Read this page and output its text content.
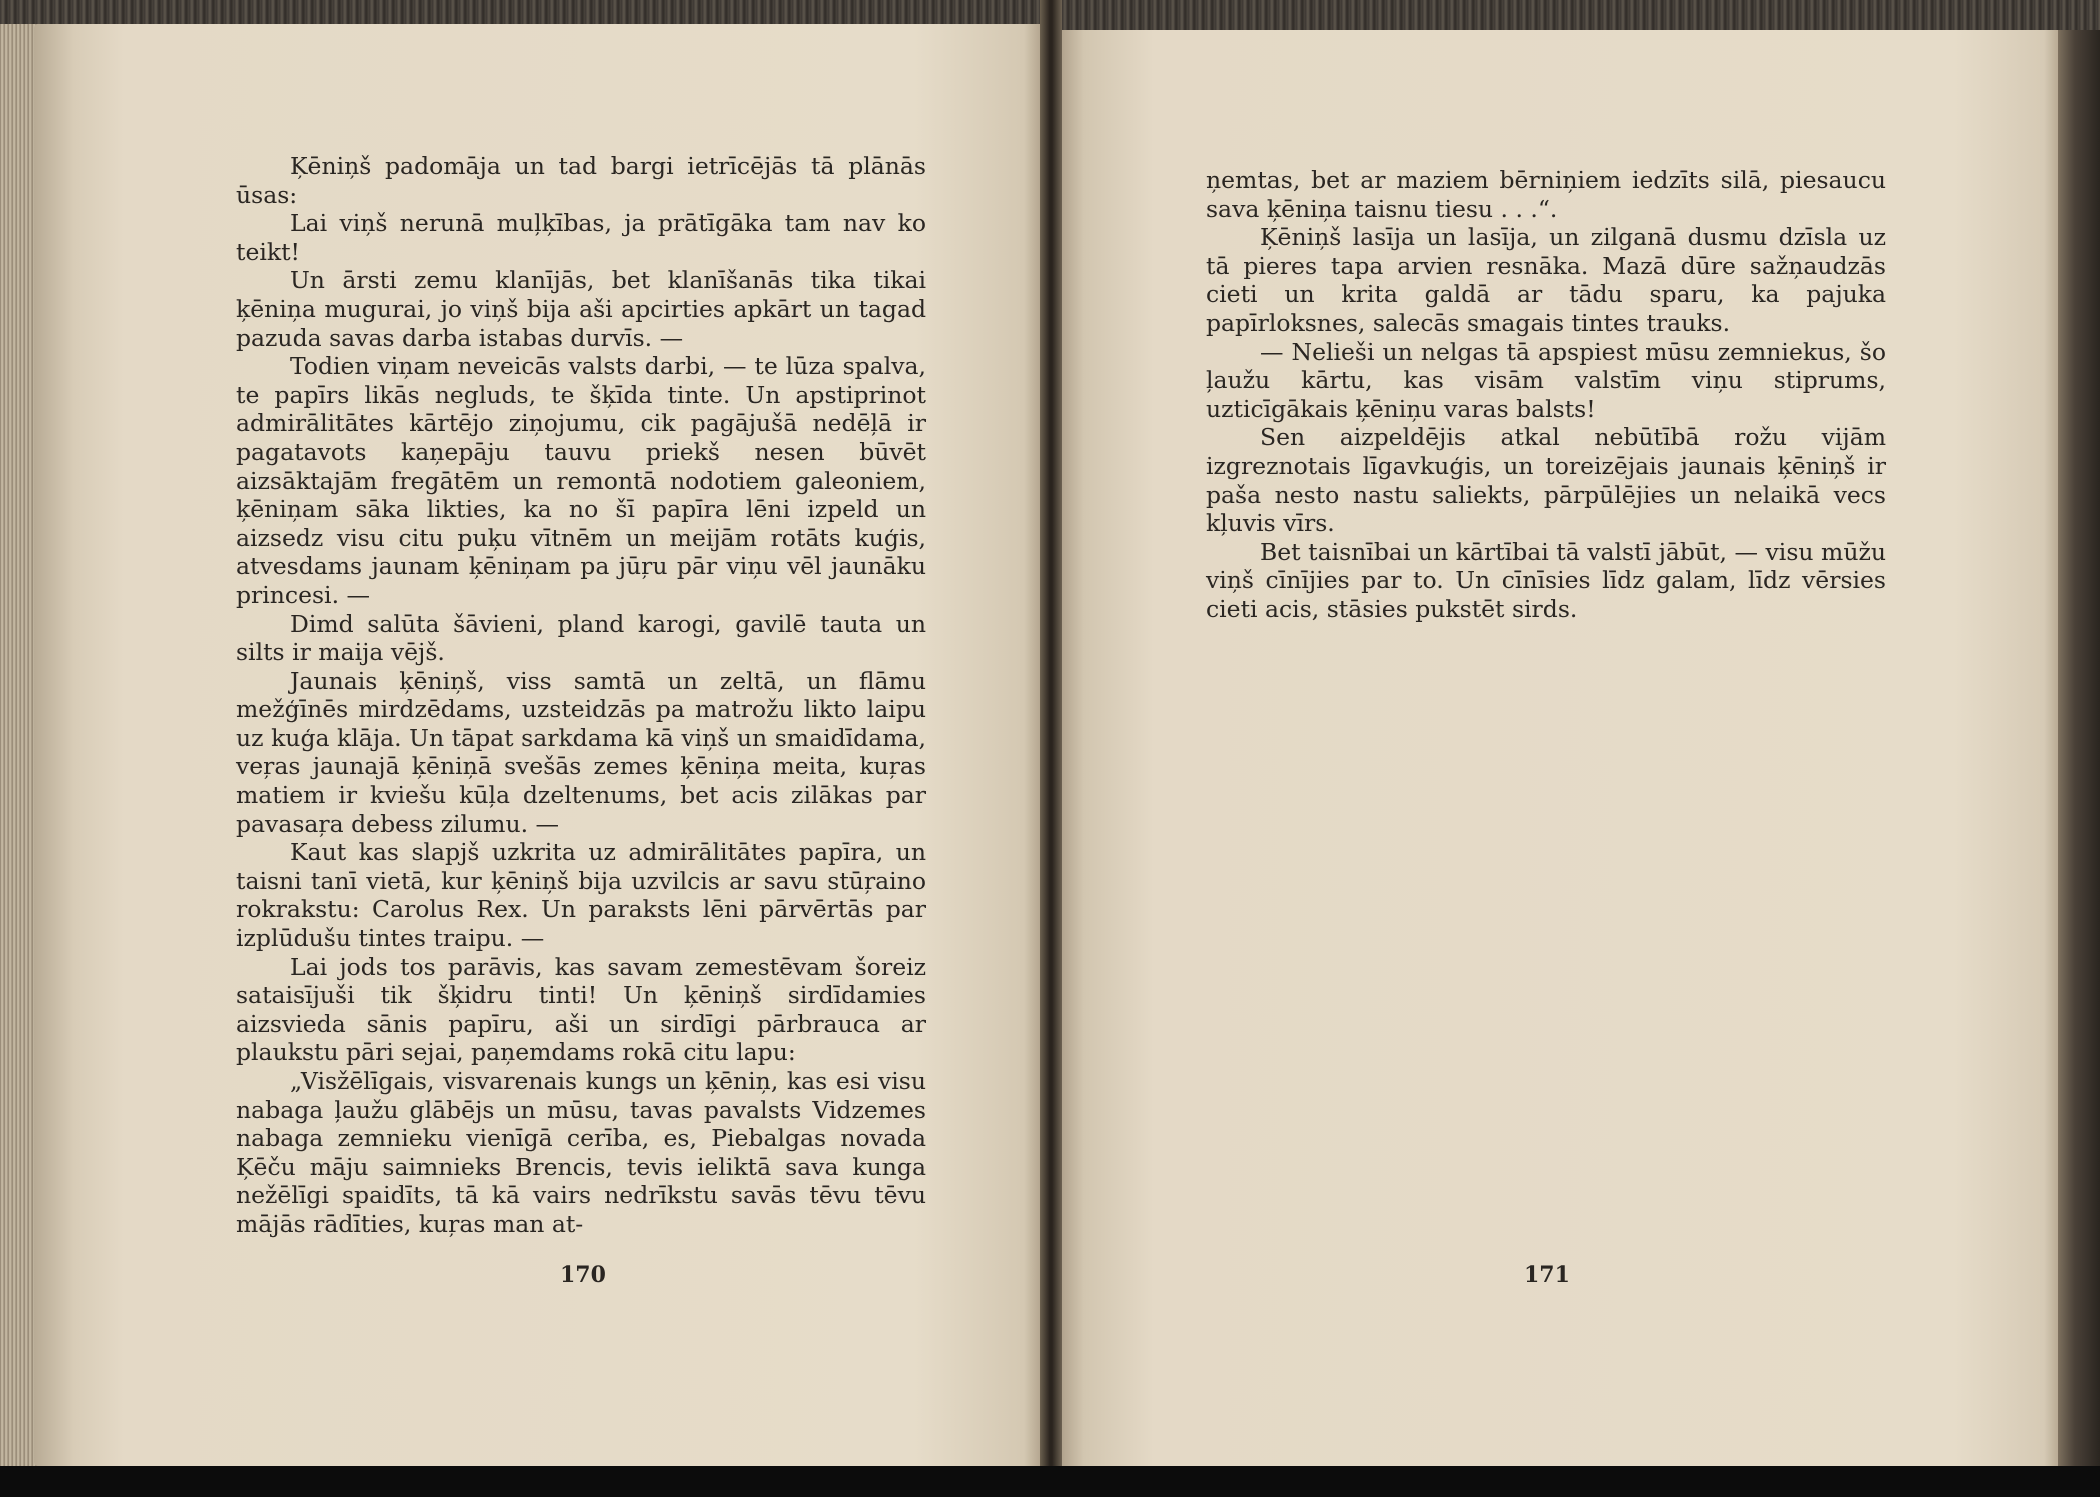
Ķēniņš padomāja un tad bargi ietrīcējās tā plānās ūsas:

Lai viņš nerunā muļķības, ja prātīgāka tam nav ko teikt!

Un ārsti zemu klanījās, bet klanīšanās tika tikai ķēniņa mugurai, jo viņš bija aši apcirties apkārt un tagad pazuda savas darba istabas durvīs. —

Todien viņam neveicās valsts darbi, — te lūza spalva, te papīrs likās negluds, te šķīda tinte. Un apstiprinot admirālitātes kārtējo ziņojumu, cik pagājušā nedēļā ir pagatavots kaņepāju tauvu priekš nesen būvēt aizsāktajām fregātēm un remontā nodotiem galeoniem, ķēniņam sāka likties, ka no šī papīra lēni izpeld un aizsedz visu citu puķu vītnēm un meijām rotāts kuģis, atvesdams jaunam ķēniņam pa jūŗu pār viņu vēl jaunāku princesi. —

Dimd salūta šāvieni, pland karogi, gavilē tauta un silts ir maija vējš.

Jaunais ķēniņš, viss samtā un zeltā, un flāmu mežģīnēs mirdzēdams, uzsteidzās pa matrožu likto laipu uz kuģa klāja. Un tāpat sarkdama kā viņš un smaidīdama, veŗas jaunajā ķēniņā svešās zemes ķēniņa meita, kuŗas matiem ir kviešu kūļa dzeltenums, bet acis zilākas par pavasaŗa debess zilumu. —

Kaut kas slapjš uzkrita uz admirālitātes papīra, un taisni tanī vietā, kur ķēniņš bija uzvilcis ar savu stūŗaino rokrakstu: Carolus Rex. Un paraksts lēni pārvērtās par izplūdušu tintes traipu. —

Lai jods tos parāvis, kas savam zemestēvam šoreiz sataisījuši tik šķidru tinti! Un ķēniņš sirdīdamies aizsvieda sānis papīru, aši un sirdīgi pārbrauca ar plaukstu pāri sejai, paņemdams rokā citu lapu:

„Visžēlīgais, visvarenais kungs un ķēniņ, kas esi visu nabaga ļaužu glābējs un mūsu, tavas pavalsts Vidzemes nabaga zemnieku vienīgā cerība, es, Piebalgas novada Ķēču māju saimnieks Brencis, tevis ieliktā sava kunga nežēlīgi spaidīts, tā kā vairs nedrīkstu savās tēvu tēvu mājās rādīties, kuŗas man at-

170

ņemtas, bet ar maziem bērniņiem iedzīts silā, piesaucu sava ķēniņa taisnu tiesu . . .“.

Ķēniņš lasīja un lasīja, un zilganā dusmu dzīsla uz tā pieres tapa arvien resnāka. Mazā dūre sažņaudzās cieti un krita galdā ar tādu sparu, ka pajuka papīrloksnes, salecās smagais tintes trauks.

— Nelieši un nelgas tā apspiest mūsu zemniekus, šo ļaužu kārtu, kas visām valstīm viņu stiprums, uzticīgākais ķēniņu varas balsts!

Sen aizpeldējis atkal nebūtībā rožu vijām izgreznotais līgavkuģis, un toreizējais jaunais ķēniņš ir paša nesto nastu saliekts, pārpūlējies un nelaikā vecs kļuvis vīrs.

Bet taisnībai un kārtībai tā valstī jābūt, — visu mūžu viņš cīnījies par to. Un cīnīsies līdz galam, līdz vērsies cieti acis, stāsies pukstēt sirds.

171
